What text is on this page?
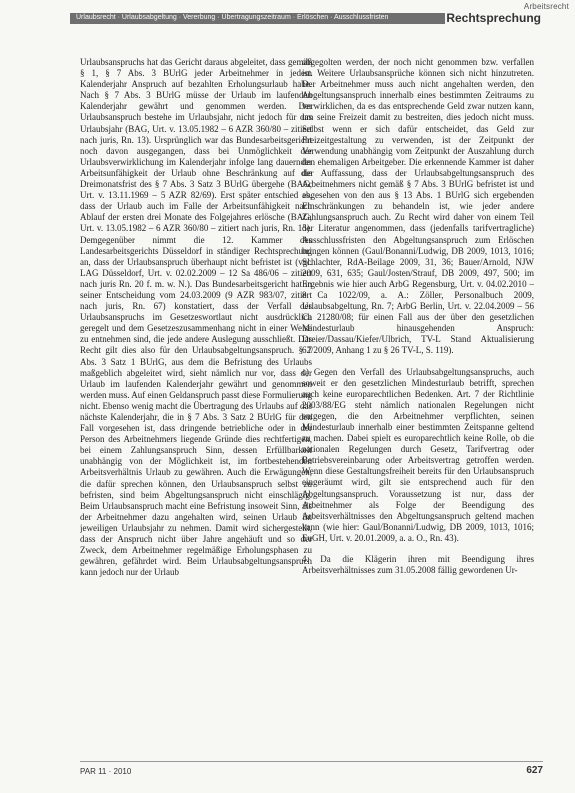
Arbeitsrecht
Urlaubsrecht · Urlaubsabgeltung · Vererbung · Übertragungszeitraum · Erlöschen · Ausschlussfristen	Rechtsprechung

Urlaubsanspruchs hat das Gericht daraus abgeleitet, dass gemäß § 1, § 7 Abs. 3 BUrlG jeder Arbeitnehmer in jedem Kalenderjahr Anspruch auf bezahlten Erholungsurlaub habe. Nach § 7 Abs. 3 BUrlG müsse der Urlaub im laufenden Kalenderjahr gewährt und genommen werden. Der Urlaubsanspruch bestehe im Urlaubsjahr, nicht jedoch für das Urlaubsjahr (BAG, Urt. v. 13.05.1982 – 6 AZR 360/80 – zitiert nach juris, Rn. 13). Ursprünglich war das Bundesarbeitsgericht noch davon ausgegangen, dass bei Unmöglichkeit der Urlaubsverwirklichung im Kalenderjahr infolge lang dauernder Arbeitsunfähigkeit der Urlaub ohne Beschränkung auf die Dreimonatsfrist des § 7 Abs. 3 Satz 3 BUrlG übergehe (BAG, Urt. v. 13.11.1969 – 5 AZR 82/69). Erst später entschied es, dass der Urlaub auch im Falle der Arbeitsunfähigkeit nach Ablauf der ersten drei Monate des Folgejahres erlösche (BAG, Urt. v. 13.05.1982 – 6 AZR 360/80 – zitiert nach juris, Rn. 15). Demgegenüber nimmt die 12. Kammer des Landesarbeitsgerichts Düsseldorf in ständiger Rechtsprechung an, dass der Urlaubsanspruch überhaupt nicht befristet ist (vgl. LAG Düsseldorf, Urt. v. 02.02.2009 – 12 Sa 486/06 – zitiert nach juris Rn. 20 f. m. w. N.). Das Bundesarbeitsgericht hat in seiner Entscheidung vom 24.03.2009 (9 AZR 983/07, zitiert nach juris, Rn. 67) konstatiert, dass der Verfall des Urlaubsanspruchs im Gesetzeswortlaut nicht ausdrücklich geregelt und dem Gesetzeszusammenhang nicht in einer Weise zu entnehmen sind, die jede andere Auslegung ausschließt. Das Recht gilt dies also für den Urlaubsabgeltungsanspruch. § 7 Abs. 3 Satz 1 BUrlG, aus dem die Befristung des Urlaubs maßgeblich abgeleitet wird, sieht nämlich nur vor, dass der Urlaub im laufenden Kalenderjahr gewährt und genommen werden muss. Auf einen Geldanspruch passt diese Formulierung nicht. Ebenso wenig macht die Übertragung des Urlaubs auf das nächste Kalenderjahr, die in § 7 Abs. 3 Satz 2 BUrlG für den Fall vorgesehen ist, dass dringende betriebliche oder in der Person des Arbeitnehmers liegende Gründe dies rechtfertigen, bei einem Zahlungsanspruch Sinn, dessen Erfüllbarkeit unabhängig von der Möglichkeit ist, im fortbestehenden Arbeitsverhältnis Urlaub zu gewähren. Auch die Erwägungen, die dafür sprechen können, den Urlaubsanspruch selbst zu befristen, sind beim Abgeltungsanspruch nicht einschlägig. Beim Urlaubsanspruch macht eine Befristung insoweit Sinn, als der Arbeitnehmer dazu angehalten wird, seinen Urlaub im jeweiligen Urlaubsjahr zu nehmen. Damit wird sichergestellt, dass der Anspruch nicht über Jahre angehäuft und so der Zweck, dem Arbeitnehmer regelmäßige Erholungsphasen zu gewähren, gefährdet wird. Beim Urlaubsabgeltungsanspruch kann jedoch nur der Urlaub

abgegolten werden, der noch nicht genommen bzw. verfallen ist. Weitere Urlaubsansprüche können sich nicht hinzutreten. Der Arbeitnehmer muss auch nicht angehalten werden, den Abgeltungsanspruch innerhalb eines bestimmten Zeitraums zu verwirklichen, da es das entsprechende Geld zwar nutzen kann, um seine Freizeit damit zu bestreiten, dies jedoch nicht muss. Selbst wenn er sich dafür entscheidet, das Geld zur Freizeitgestaltung zu verwenden, ist der Zeitpunkt der Verwendung unabhängig vom Zeitpunkt der Auszahlung durch den ehemaligen Arbeitgeber. Die erkennende Kammer ist daher der Auffassung, dass der Urlaubsabgeltungsanspruch des Arbeitnehmers nicht gemäß § 7 Abs. 3 BUrlG befristet ist und abgesehen von den aus § 13 Abs. 1 BUrlG sich ergebenden Einschränkungen zu behandeln ist, wie jeder andere Zahlungsanspruch auch. Zu Recht wird daher von einem Teil der Literatur angenommen, dass (jedenfalls tarifvertragliche) Ausschlussfristen den Abgeltungsanspruch zum Erlöschen bringen können (Gaul/Bonanni/Ludwig, DB 2009, 1013, 1016; Schlachter, RdA-Beilage 2009, 31, 36; Bauer/Arnold, NJW 2009, 631, 635; Gaul/Josten/Strauf, DB 2009, 497, 500; im Ergebnis wie hier auch ArbG Regensburg, Urt. v. 04.02.2010 – 8 Ca 1022/09, a. A.: Zöller, Personalbuch 2009, Urlaubsabgeltung, Rn. 7; ArbG Berlin, Urt. v. 22.04.2009 – 56 Ca 21280/08; für einen Fall aus der über den gesetzlichen Mindesturlaub hinausgehenden Anspruch: Dreier/Dassau/Kiefer/Ulbrich, TV-L Stand Aktualisierung 62/2009, Anhang 1 zu § 26 TV-L, S. 119).

c) Gegen den Verfall des Urlaubsabgeltungsanspruchs, auch soweit er den gesetzlichen Mindesturlaub betrifft, sprechen auch keine europarechtlichen Bedenken. Art. 7 der Richtlinie 2003/88/EG steht nämlich nationalen Regelungen nicht entgegen, die den Arbeitnehmer verpflichten, seinen Mindesturlaub innerhalb einer bestimmten Zeitspanne geltend zu machen. Dabei spielt es europarechtlich keine Rolle, ob die nationalen Regelungen durch Gesetz, Tarifvertrag oder Betriebsvereinbarung oder Arbeitsvertrag getroffen werden. Wenn diese Gestaltungsfreiheit bereits für den Urlaubsanspruch eingeräumt wird, gilt sie entsprechend auch für den Abgeltungsanspruch. Voraussetzung ist nur, dass der Arbeitnehmer als Folge der Beendigung des Arbeitsverhältnisses den Abgeltungsanspruch geltend machen kann (wie hier: Gaul/Bonanni/Ludwig, DB 2009, 1013, 1016; EuGH, Urt. v. 20.01.2009, a. a. O., Rn. 43).

4. Da die Klägerin ihren mit Beendigung ihres Arbeitsverhältnisses zum 31.05.2008 fällig gewordenen Ur-

PAR 11 · 2010	627
